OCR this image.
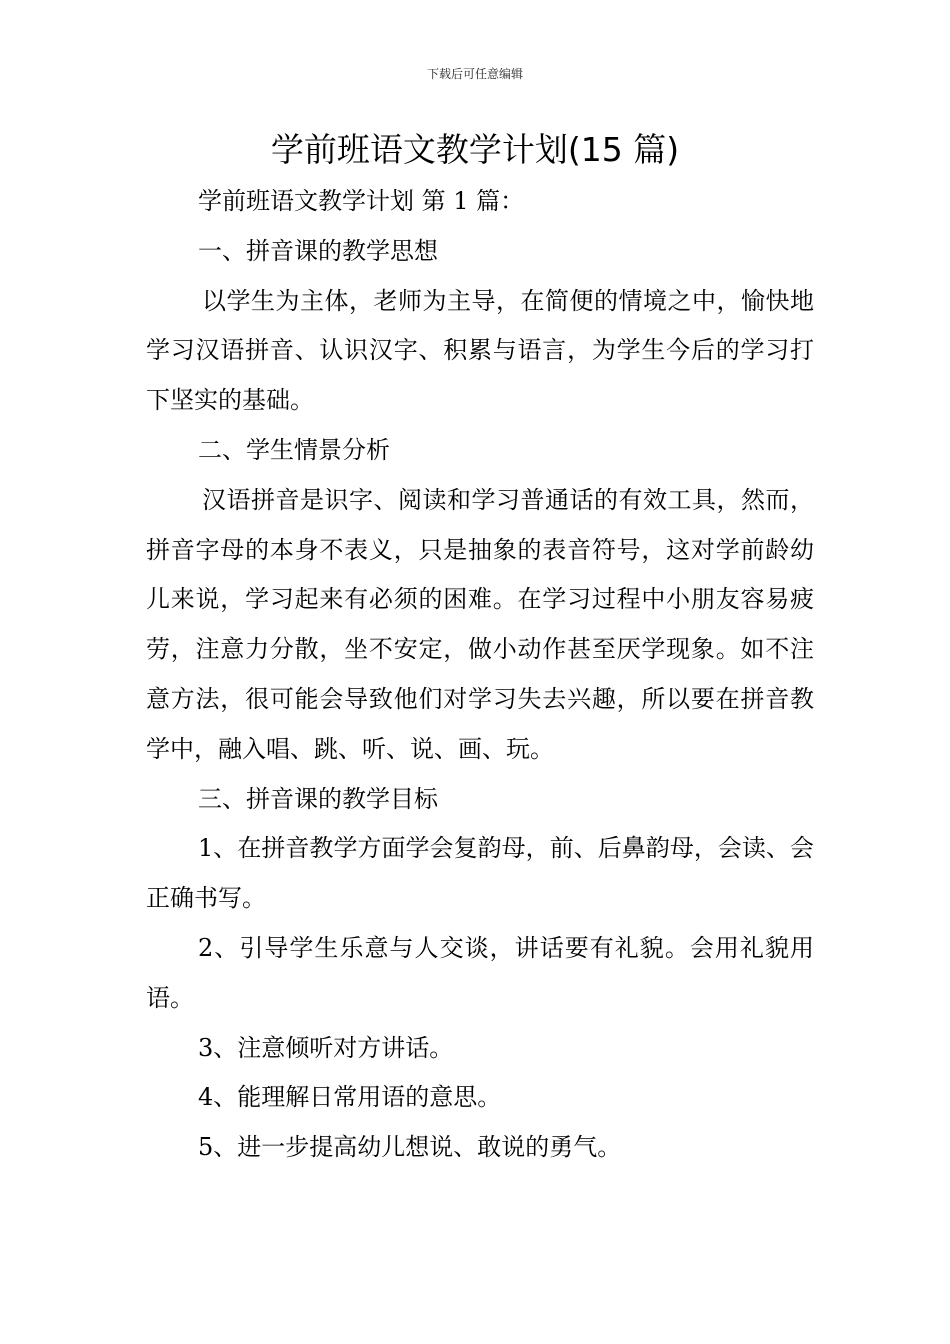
下载后可任意编辑
学前班语文教学计划(15 篇)

学前班语文教学计划 第 1 篇：

一、拼音课的教学思想

以学生为主体，老师为主导，在简便的情境之中，愉快地学习汉语拼音、认识汉字、积累与语言，为学生今后的学习打下坚实的基础。

二、学生情景分析

汉语拼音是识字、阅读和学习普通话的有效工具，然而，拼音字母的本身不表义，只是抽象的表音符号，这对学前龄幼儿来说，学习起来有必须的困难。在学习过程中小朋友容易疲劳，注意力分散，坐不安定，做小动作甚至厌学现象。如不注意方法，很可能会导致他们对学习失去兴趣，所以要在拼音教学中，融入唱、跳、听、说、画、玩。

三、拼音课的教学目标

1、在拼音教学方面学会复韵母，前、后鼻韵母，会读、会正确书写。

2、引导学生乐意与人交谈，讲话要有礼貌。会用礼貌用语。

3、注意倾听对方讲话。

4、能理解日常用语的意思。

5、进一步提高幼儿想说、敢说的勇气。
